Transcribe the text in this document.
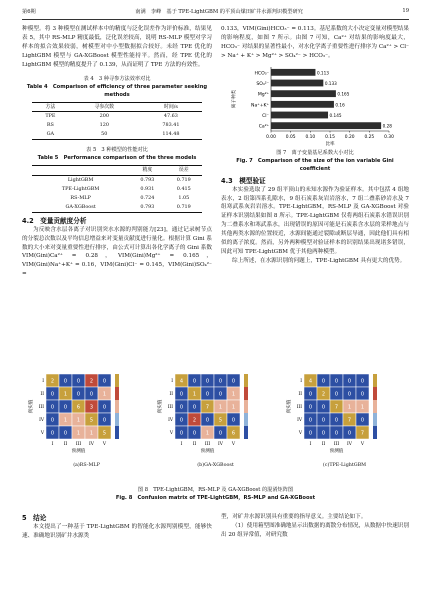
第6期	南满　李峰　基于 TPE-LightGBM 的平顶山煤田矿井水源判识模型研究	19

种模型。将 3 种模型在测试样本中的精度与泛化误差作为评价标准，结果见表 5，其中 RS-MLP 精度最低，泛化误差较高，说明 RS-MLP 模型对学习样本的拟合效果较弱，树模型对中小型数据拟合较好。未经 TPE 优化的 LightGBM 模型与 GA-XGBoost 模型性能持平。然而，经 TPE 优化的 LightGBM 模型的精度提升了 0.139，从而证明了 TPE 方法的有效性。

表 4　3 种寻参方法效率对比
Table 4　Comparison of efficiency of three parameter seeking methods
方法	寻参次数	时间/s
TPE	200	47.63
RS	120	783.41
GA	50	114.48
表 5　3 种模型的性能对比
Table 5　Performance comparison of the three models
	精度	误差
LightGBM	0.793	0.719
TPE-LightGBM	0.931	0.415
RS-MLP	0.724	1.05
GA-XGBoost	0.793	0.719
4.2　变量贡献度分析

为反映含水层各离子对识别突水水源的判别能力[23]，通过记录树节点的分裂总次数以及平均信息增益来对变量贡献度进行量化。根据计算 Gini 系数的大小来对变量重要性进行排序，由公式可计算出各化学离子的 Gini 系数 VIM(Gini)Ca²⁺ = 0.28，VIM(Gini)Mg²⁺ = 0.165，VIM(Gini)Na⁺+K⁺ = 0.16，VIM(Gini)Cl⁻ = 0.145，VIM(Gini)SO₄²⁻ =

0.133，VIM(Gini)HCO₃⁻ = 0.113。基尼系数的大小决定变量对模型结果的影响程度，如图 7 所示。由图 7 可知，Ca²⁺ 对结果的影响度最大，HCO₃⁻ 对结果的显著性最小，对水化学离子重要性进行排序为 Ca²⁺ > Cl⁻ > Na⁺ + K⁺ > Mg²⁺ > SO₄²⁻ > HCO₃⁻。

HCO₃⁻	0.113
SO₄²⁻	0.133
Mg²⁺	0.165
Na⁺+K⁺	0.16
Cl⁻	0.145
Ca²⁺	0.28
0.00 0.05 0.10 0.15 0.20 0.25 0.30
比率
离子种类
图 7　离子变量基尼系数大小对比
Fig. 7　Comparison of the size of the ion variable Gini coefficient
4.3　模型验证

本实验选取了 29 组平顶山的未知水源作为验证样本。其中包括 4 组地表水，2 组第四系孔隙水，9 组石炭系灰岩岩溶水，7 组二叠系砂岩水及 7 组寒武系灰岩岩溶水。TPE-LightGBM，RS-MLP 及 GA-XGBoost 对验证样本识别结果如图 8 所示。TPE-LightGBM 仅将两组石炭系水错误识别为二叠系水和寒武系水，出现错误的原因可能是石炭系含水层的采样地点与其他两类水源的位置较近，水源间能通过裂隙或断层导通，因此他们具有相似的离子浓度。然而，另外两种模型对验证样本的识别结果出现诸多错误，因此可知 TPE-LightGBM 优于其他两种模型。

综上所述，在水源识别的问题上，TPE-LightGBM 具有更大的优势。

2 0 0 2 0
0 1 0 0 1
0 0 6 3 0
0 1 1 5 0
0 0 1 1 5
I
I
II
II
III
III
IV
IV
V
V
真实值
预测值
(a)RS-MLP
4 0 0 0 0
0 1 0 0 1
0 0 7 1 1
0 2 0 5 0
0 0 1 0 6
I
I
II
II
III
III
IV
IV
V
V
真实值
预测值
(b)GA-XGBoost
4 0 0 0 0
0 2 0 0 0
0 0 7 1 1
0 0 0 7 0
0 0 0 0 7
I
I
II
II
III
III
IV
IV
V
V
真实值
预测值
(c)TPE-LightGBM
图 8　TPE-LightGBM，RS-MLP 及 GA-XGBoost 的混淆矩阵图
Fig. 8　Confusion matrix of TPE-LightGBM，RS-MLP and GA-XGBoost
5　结论

本文提出了一种基于 TPE-LightGBM 的智能化水源判别模型，能够快速、准确地识别矿井水源类

型，对矿井水源识别具有重要的指导意义。主要结论如下。

（1）使用箱型图准确地显示出数据的离散分布情况，从数据中快速识别出 20 组异常值，对研究数
